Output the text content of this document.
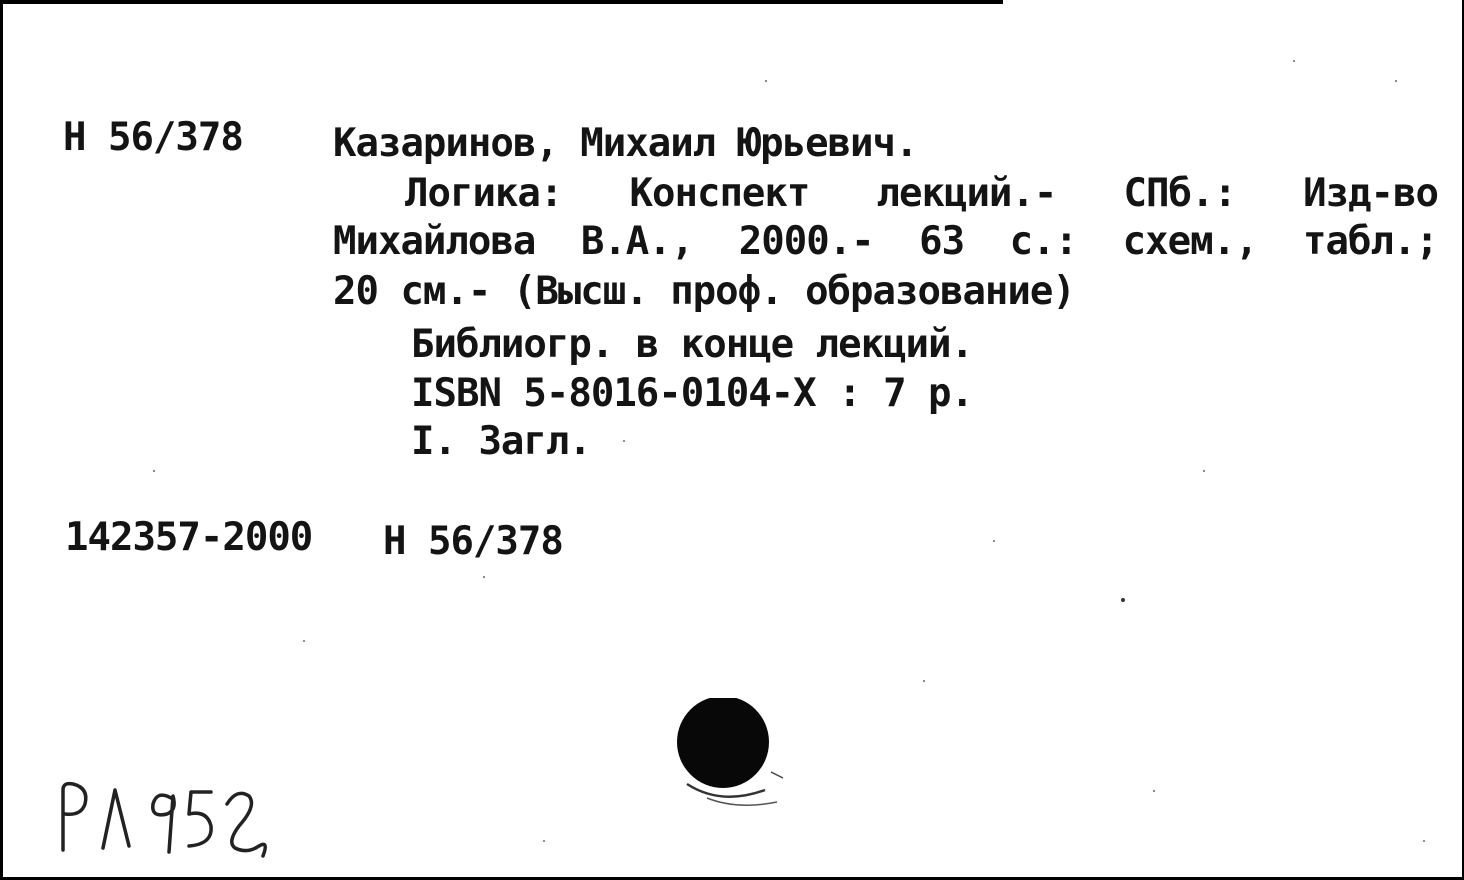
Н 56/378 Казаринов, Михаил Юрьевич.
Логика: Конспект лекций.- СПб.: Изд-во
Михайлова В.А., 2000.- 63 с.: схем., табл.;
20 см.- (Высш. проф. образование)
Библиогр. в конце лекций.
ISBN 5-8016-0104-X : 7 р.
I. Загл.
142357-2000 Н 56/378
